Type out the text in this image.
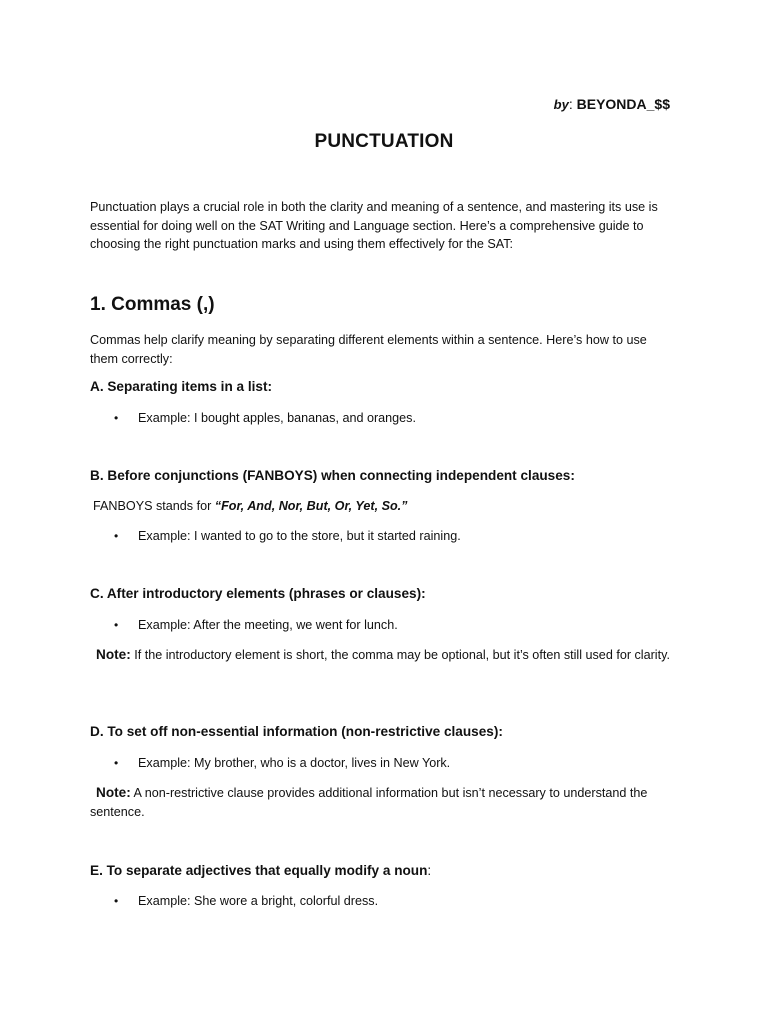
by: BEYONDA_$$

PUNCTUATION

Punctuation plays a crucial role in both the clarity and meaning of a sentence, and mastering its use is essential for doing well on the SAT Writing and Language section. Here’s a comprehensive guide to choosing the right punctuation marks and using them effectively for the SAT:

1. Commas (,)

Commas help clarify meaning by separating different elements within a sentence. Here’s how to use them correctly:

A. Separating items in a list:

• Example: I bought apples, bananas, and oranges.

B. Before conjunctions (FANBOYS) when connecting independent clauses:

FANBOYS stands for “For, And, Nor, But, Or, Yet, So.”

• Example: I wanted to go to the store, but it started raining.

C. After introductory elements (phrases or clauses):

• Example: After the meeting, we went for lunch.

Note: If the introductory element is short, the comma may be optional, but it’s often still used for clarity.

D. To set off non-essential information (non-restrictive clauses):

• Example: My brother, who is a doctor, lives in New York.

Note: A non-restrictive clause provides additional information but isn’t necessary to understand the sentence.

E. To separate adjectives that equally modify a noun:

• Example: She wore a bright, colorful dress.
